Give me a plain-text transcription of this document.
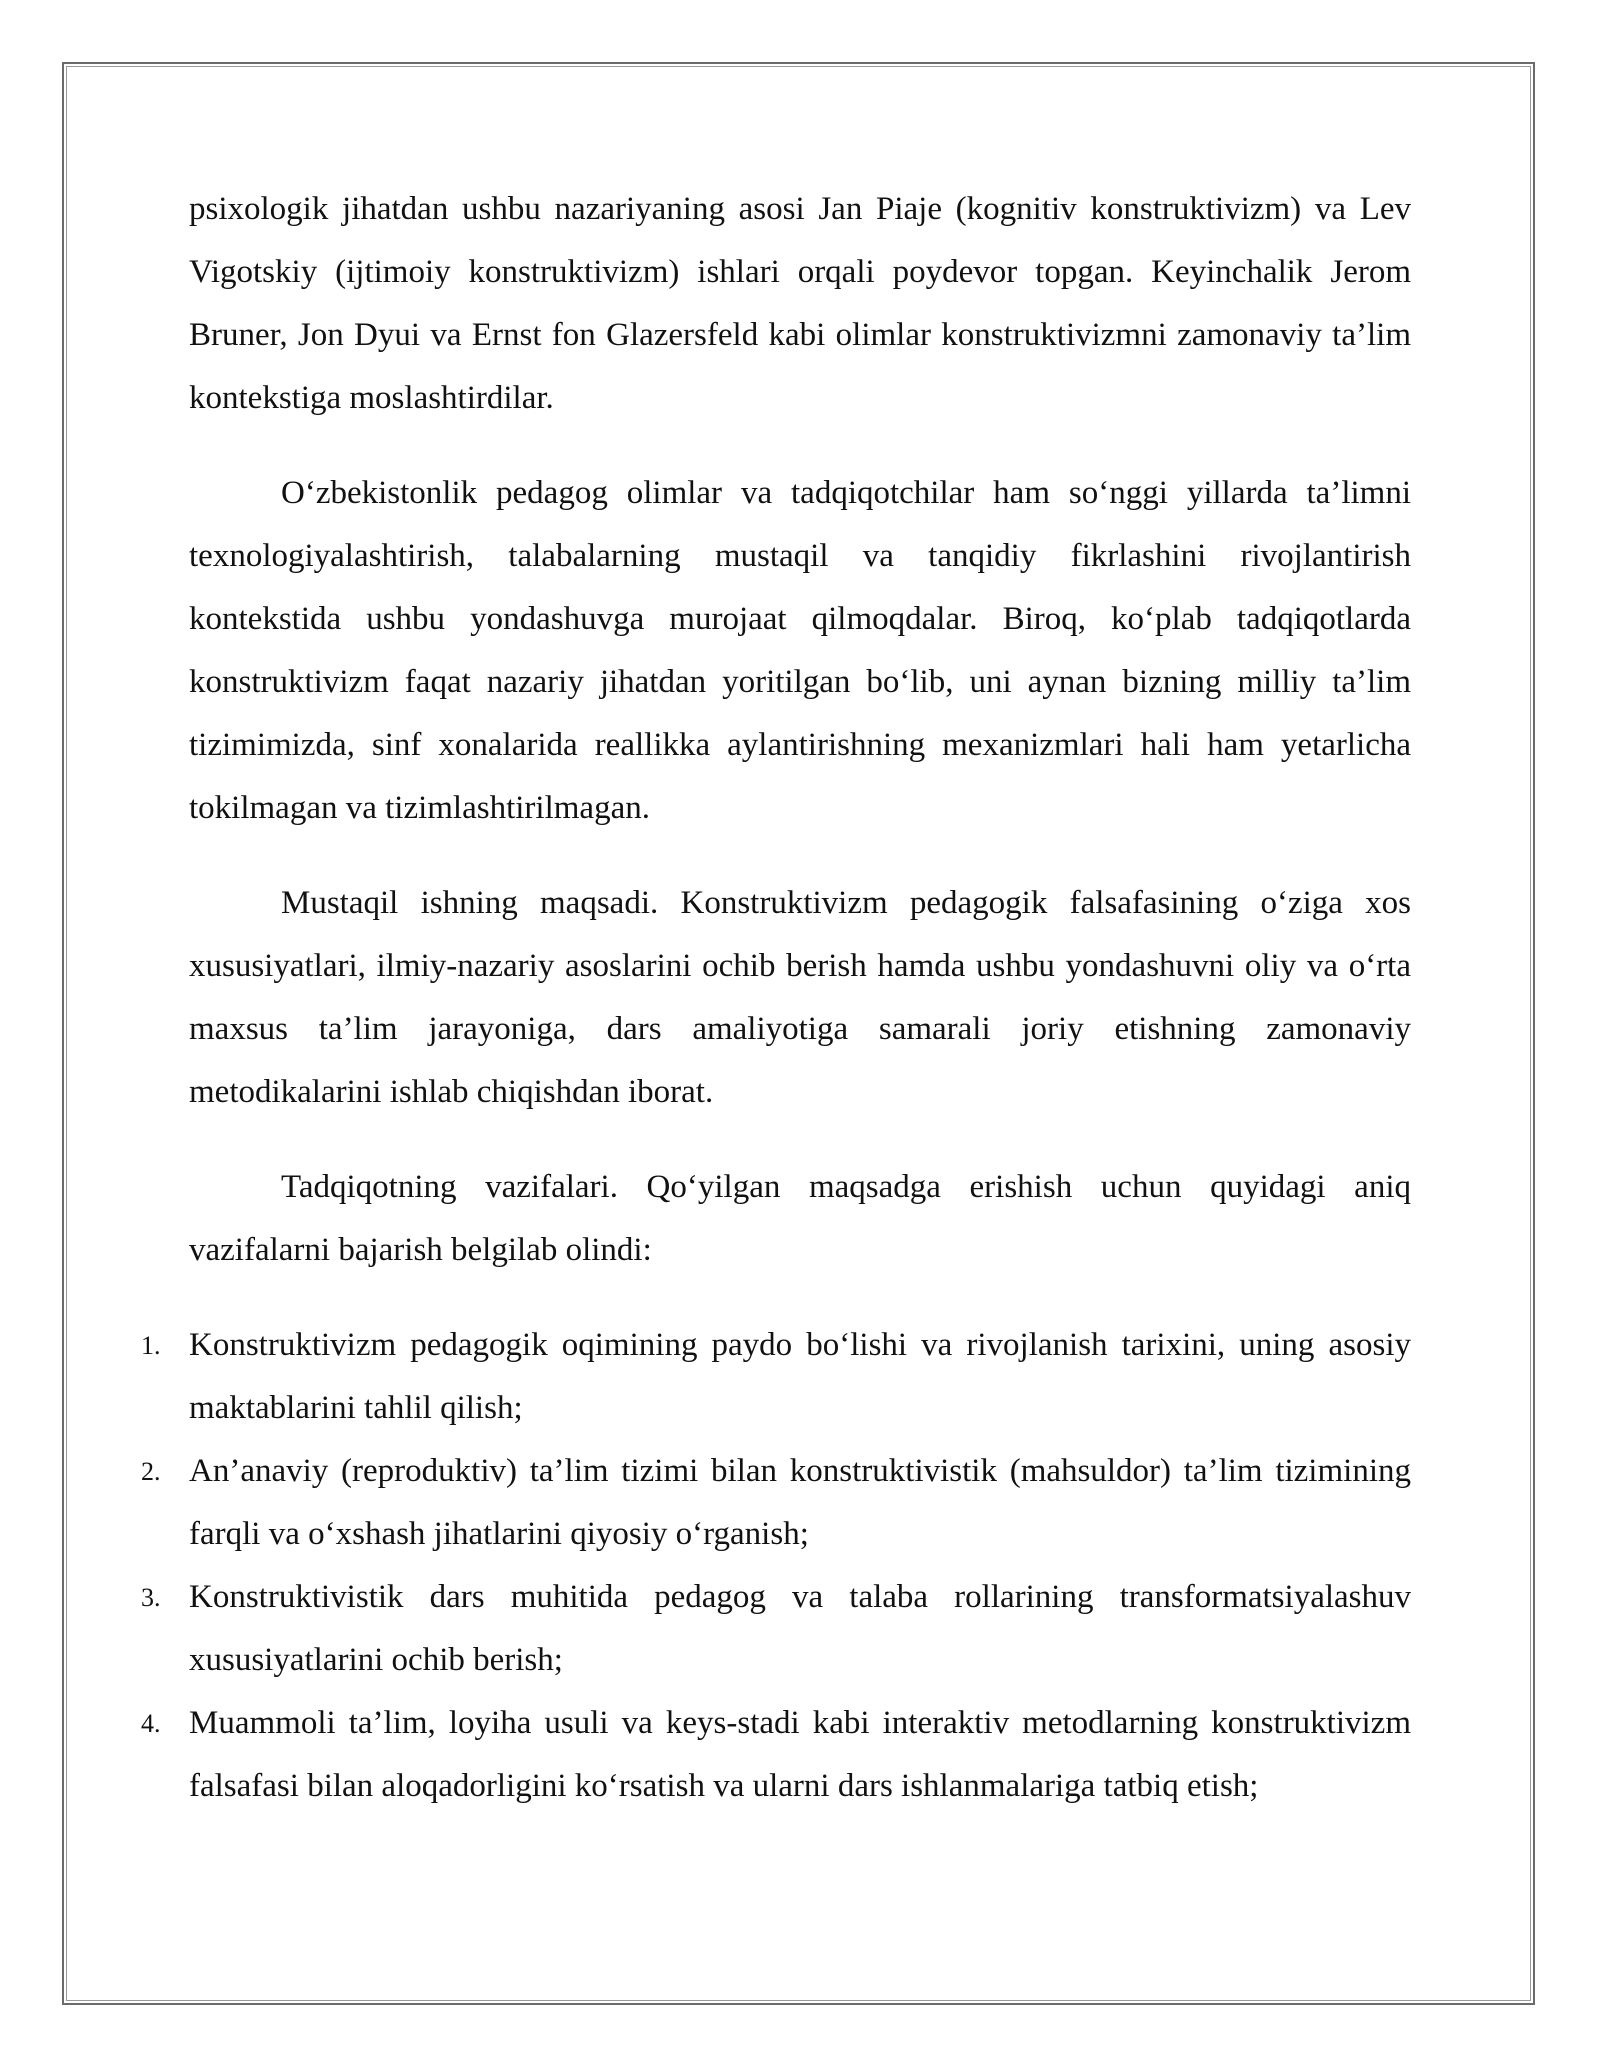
psixologik jihatdan ushbu nazariyaning asosi Jan Piaje (kognitiv konstruktivizm) va Lev Vigotskiy (ijtimoiy konstruktivizm) ishlari orqali poydevor topgan. Keyinchalik Jerom Bruner, Jon Dyui va Ernst fon Glazersfeld kabi olimlar konstruktivizmni zamonaviy ta’lim kontekstiga moslashtirdilar.

O‘zbekistonlik pedagog olimlar va tadqiqotchilar ham so‘nggi yillarda ta’limni texnologiyalashtirish, talabalarning mustaqil va tanqidiy fikrlashini rivojlantirish kontekstida ushbu yondashuvga murojaat qilmoqdalar. Biroq, ko‘plab tadqiqotlarda konstruktivizm faqat nazariy jihatdan yoritilgan bo‘lib, uni aynan bizning milliy ta’lim tizimimizda, sinf xonalarida reallikka aylantirishning mexanizmlari hali ham yetarlicha tokilmagan va tizimlashtirilmagan.

Mustaqil ishning maqsadi. Konstruktivizm pedagogik falsafasining o‘ziga xos xususiyatlari, ilmiy-nazariy asoslarini ochib berish hamda ushbu yondashuvni oliy va o‘rta maxsus ta’lim jarayoniga, dars amaliyotiga samarali joriy etishning zamonaviy metodikalarini ishlab chiqishdan iborat.

Tadqiqotning vazifalari. Qo‘yilgan maqsadga erishish uchun quyidagi aniq vazifalarni bajarish belgilab olindi:

1. Konstruktivizm pedagogik oqimining paydo bo‘lishi va rivojlanish tarixini, uning asosiy maktablarini tahlil qilish;
2. An’anaviy (reproduktiv) ta’lim tizimi bilan konstruktivistik (mahsuldor) ta’lim tizimining farqli va o‘xshash jihatlarini qiyosiy o‘rganish;
3. Konstruktivistik dars muhitida pedagog va talaba rollarining transformatsiyalashuv xususiyatlarini ochib berish;
4. Muammoli ta’lim, loyiha usuli va keys-stadi kabi interaktiv metodlarning konstruktivizm falsafasi bilan aloqadorligini ko‘rsatish va ularni dars ishlanmalariga tatbiq etish;
